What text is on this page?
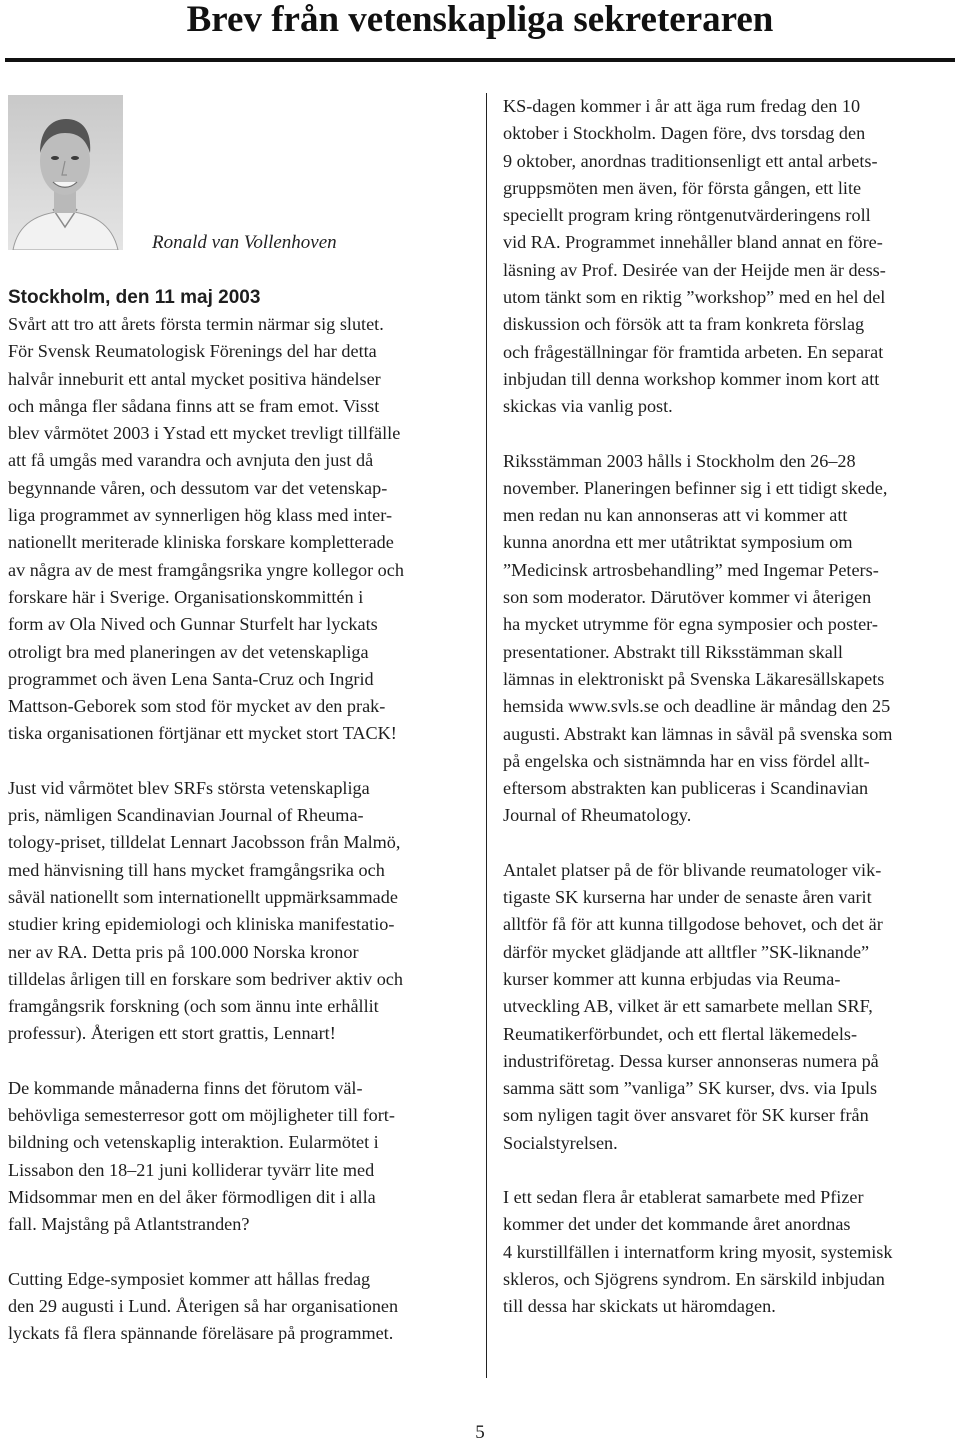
Brev från vetenskapliga sekreteraren
Ronald van Vollenhoven

Stockholm, den 11 maj 2003

Svårt att tro att årets första termin närmar sig slutet.
För Svensk Reumatologisk Förenings del har detta
halvår inneburit ett antal mycket positiva händelser
och många fler sådana finns att se fram emot. Visst
blev vårmötet 2003 i Ystad ett mycket trevligt tillfälle
att få umgås med varandra och avnjuta den just då
begynnande våren, och dessutom var det vetenskap-
liga programmet av synnerligen hög klass med inter-
nationellt meriterade kliniska forskare kompletterade
av några av de mest framgångsrika yngre kollegor och
forskare här i Sverige. Organisationskommittén i
form av Ola Nived och Gunnar Sturfelt har lyckats
otroligt bra med planeringen av det vetenskapliga
programmet och även Lena Santa-Cruz och Ingrid
Mattson-Geborek som stod för mycket av den prak-
tiska organisationen förtjänar ett mycket stort TACK!

Just vid vårmötet blev SRFs största vetenskapliga
pris, nämligen Scandinavian Journal of Rheuma-
tology-priset, tilldelat Lennart Jacobsson från Malmö,
med hänvisning till hans mycket framgångsrika och
såväl nationellt som internationellt uppmärksammade
studier kring epidemiologi och kliniska manifestatio-
ner av RA. Detta pris på 100.000 Norska kronor
tilldelas årligen till en forskare som bedriver aktiv och
framgångsrik forskning (och som ännu inte erhållit
professur). Återigen ett stort grattis, Lennart!

De kommande månaderna finns det förutom väl-
behövliga semesterresor gott om möjligheter till fort-
bildning och vetenskaplig interaktion. Eularmötet i
Lissabon den 18–21 juni kolliderar tyvärr lite med
Midsommar men en del åker förmodligen dit i alla
fall. Majstång på Atlantstranden?

Cutting Edge-symposiet kommer att hållas fredag
den 29 augusti i Lund. Återigen så har organisationen
lyckats få flera spännande föreläsare på programmet.

KS-dagen kommer i år att äga rum fredag den 10
oktober i Stockholm. Dagen före, dvs torsdag den
9 oktober, anordnas traditionsenligt ett antal arbets-
gruppsmöten men även, för första gången, ett lite
speciellt program kring röntgenutvärderingens roll
vid RA. Programmet innehåller bland annat en före-
läsning av Prof. Desirée van der Heijde men är dess-
utom tänkt som en riktig ”workshop” med en hel del
diskussion och försök att ta fram konkreta förslag
och frågeställningar för framtida arbeten. En separat
inbjudan till denna workshop kommer inom kort att
skickas via vanlig post.

Riksstämman 2003 hålls i Stockholm den 26–28
november. Planeringen befinner sig i ett tidigt skede,
men redan nu kan annonseras att vi kommer att
kunna anordna ett mer utåtriktat symposium om
”Medicinsk artrosbehandling” med Ingemar Peters-
son som moderator. Därutöver kommer vi återigen
ha mycket utrymme för egna symposier och poster-
presentationer. Abstrakt till Riksstämman skall
lämnas in elektroniskt på Svenska Läkaresällskapets
hemsida www.svls.se och deadline är måndag den 25
augusti. Abstrakt kan lämnas in såväl på svenska som
på engelska och sistnämnda har en viss fördel allt-
eftersom abstrakten kan publiceras i Scandinavian
Journal of Rheumatology.

Antalet platser på de för blivande reumatologer vik-
tigaste SK kurserna har under de senaste åren varit
alltför få för att kunna tillgodose behovet, och det är
därför mycket glädjande att alltfler ”SK-liknande”
kurser kommer att kunna erbjudas via Reuma-
utveckling AB, vilket är ett samarbete mellan SRF,
Reumatikerförbundet, och ett flertal läkemedels-
industriföretag. Dessa kurser annonseras numera på
samma sätt som ”vanliga” SK kurser, dvs. via Ipuls
som nyligen tagit över ansvaret för SK kurser från
Socialstyrelsen.

I ett sedan flera år etablerat samarbete med Pfizer
kommer det under det kommande året anordnas
4 kurstillfällen i internatform kring myosit, systemisk
skleros, och Sjögrens syndrom. En särskild inbjudan
till dessa har skickats ut häromdagen.

5
